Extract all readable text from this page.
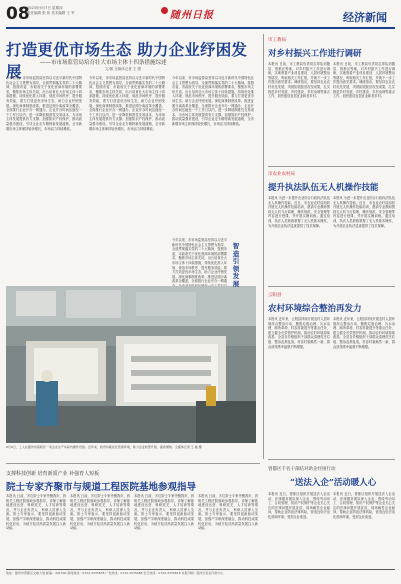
08
2023年9月7日 星期四
责任编辑 张 伟 美术编辑 王 军	随州日报	经济新闻
打造更优市场生态 助力企业纾困发展	——市市场监管局培育壮大市场主体十四条措施综述
文/图 全媒体记者 王 骏
今年以来，市市场监管局坚持以习近平新时代中国特色社会主义思想为指导，全面贯彻落实党的二十大精神，按照市委、市政府关于优化营商环境的部署要求，聚焦市场主体关切，出台培育壮大市场主体十四条措施，持续优化准入环境、规范市场秩序、提升服务效能，着力打造更优市场生态，助力企业纾困发展。深化商事制度改革，推进证照分离改革全覆盖，全面推行企业开办一网通办，企业开办时间压缩至一个工作日以内，进一步降低制度性交易成本，为市场主体发展提供有力支撑。加强知识产权保护，推动质量强市建设，引导企业走专精特新发展道路，全市新增市场主体保持较快增长，市场活力持续释放。
今年以来，市市场监管局坚持以习近平新时代中国特色社会主义思想为指导，全面贯彻落实党的二十大精神，按照市委、市政府关于优化营商环境的部署要求，聚焦市场主体关切，出台培育壮大市场主体十四条措施，持续优化准入环境、规范市场秩序、提升服务效能，着力打造更优市场生态，助力企业纾困发展。深化商事制度改革，推进证照分离改革全覆盖，全面推行企业开办一网通办，企业开办时间压缩至一个工作日以内，进一步降低制度性交易成本，为市场主体发展提供有力支撑。加强知识产权保护，推动质量强市建设，引导企业走专精特新发展道路，全市新增市场主体保持较快增长，市场活力持续释放。
今年以来，市市场监管局坚持以习近平新时代中国特色社会主义思想为指导，全面贯彻落实党的二十大精神，按照市委、市政府关于优化营商环境的部署要求，聚焦市场主体关切，出台培育壮大市场主体十四条措施，持续优化准入环境、规范市场秩序、提升服务效能，着力打造更优市场生态，助力企业纾困发展。深化商事制度改革，推进证照分离改革全覆盖，全面推行企业开办一网通办，企业开办时间压缩至一个工作日以内，进一步降低制度性交易成本，为市场主体发展提供有力支撑。加强知识产权保护，推动质量强市建设，引导企业走专精特新发展道路，全市新增市场主体保持较快增长，市场活力持续释放。
今年以来，市市场监管局坚持以习近平新时代中国特色社会主义思想为指导，全面贯彻落实党的二十大精神，按照市委、市政府关于优化营商环境的部署要求，聚焦市场主体关切，出台培育壮大市场主体十四条措施，持续优化准入环境、规范市场秩序、提升服务效能，着力打造更优市场生态，助力企业纾困发展。深化商事制度改革，推进证照分离改革全覆盖，全面推行企业开办一网通
智造引领发展
9月6日，工人在随州市高新区一家企业生产车间内操作设备。近年来，我市持续优化营商环境，助力企业转型升级、提质增效。全媒体记者 王 骏 摄
市工教局
对乡村振兴工作进行调研
本报讯 日前，市工教局负责同志带队到随县、曾都区等地，对乡村振兴工作进行调研，实地察看产业项目建设、人居环境整治等情况，听取相关工作汇报，并就下一步工作提出意见要求。调研指出，要坚持农业农村优先发展，巩固拓展脱贫攻坚成果，扎实推进乡村发展、乡村建设、乡村治理等重点工作，加快建设宜居宜业和美乡村。
本报讯 日前，市工教局负责同志带队到随县、曾都区等地，对乡村振兴工作进行调研，实地察看产业项目建设、人居环境整治等情况，听取相关工作汇报，并就下一步工作提出意见要求。调研指出，要坚持农业农村优先发展，巩固拓展脱贫攻坚成果，扎实推进乡村发展、乡村建设、乡村治理等重点工作，加快建设宜居宜业和美乡村。
市农业农村局
提升执法队伍无人机操作技能
本报讯 为进一步提升农业综合行政执法队伍无人机操作技能，近日，市农业农村局组织开展无人机操作技能培训，邀请专业教师围绕无人机飞行原理、操作规范、安全管理等内容进行授课，并开展实操训练。通过培训，执法人员熟练掌握了无人机基本操作，为开展农业执法巡查提供了技术保障。
本报讯 为进一步提升农业综合行政执法队伍无人机操作技能，近日，市农业农村局组织开展无人机操作技能培训，邀请专业教师围绕无人机飞行原理、操作规范、安全管理等内容进行授课，并开展实操训练。通过培训，执法人员熟练掌握了无人机基本操作，为开展农业执法巡查提供了技术保障。
云阳县
农村环境综合整治再发力
本报讯 近年来，云阳县持续开展农村人居环境综合整治行动，聚焦垃圾治理、污水治理、厕所革命、村容村貌提升等重点任务，建立健全长效管护机制，推动农村环境持续改善。全县各乡镇组织干部群众清理村庄垃圾、整治乱堆乱放，村容村貌焕然一新，群众获得感幸福感不断增强。
本报讯 近年来，云阳县持续开展农村人居环境综合整治行动，聚焦垃圾治理、污水治理、厕所革命、村容村貌提升等重点任务，建立健全长效管护机制，推动农村环境持续改善。全县各乡镇组织干部群众清理村庄垃圾、整治乱堆乱放，村容村貌焕然一新，群众获得感幸福感不断增强。
曾都区千名干部结对助企纾困行动
“送法入企”活动暖人心
本报讯 近日，曾都区组织开展送法入企活动，法律服务团队深入企业，围绕劳动用工、合同管理、知识产权保护等企业关心关注的法律问题开展宣讲，现场解答企业疑问，帮助企业防范法律风险，营造良好法治化营商环境，受到企业欢迎。
本报讯 近日，曾都区组织开展送法入企活动，法律服务团队深入企业，围绕劳动用工、合同管理、知识产权保护等企业关心关注的法律问题开展宣讲，现场解答企业疑问，帮助企业防范法律风险，营造良好法治化营商环境，受到企业欢迎。
支撑科技创新 培育新质产业 补强育人短板
院士专家齐聚市与规道工程医院基地参观指导
本报讯 日前，多位院士专家齐聚我市，到相关工程医院基地参观指导，详细了解基地建设运营、科研攻关、人才培养等情况，并与企业负责人、科研人员深入交流。院士专家表示，要坚持创新驱动发展，加强产学研深度融合，推动科技成果转化应用，为地方经济高质量发展注入新动能。
本报讯 日前，多位院士专家齐聚我市，到相关工程医院基地参观指导，详细了解基地建设运营、科研攻关、人才培养等情况，并与企业负责人、科研人员深入交流。院士专家表示，要坚持创新驱动发展，加强产学研深度融合，推动科技成果转化应用，为地方经济高质量发展注入新动能。
本报讯 日前，多位院士专家齐聚我市，到相关工程医院基地参观指导，详细了解基地建设运营、科研攻关、人才培养等情况，并与企业负责人、科研人员深入交流。院士专家表示，要坚持创新驱动发展，加强产学研深度融合，推动科技成果转化应用，为地方经济高质量发展注入新动能。
本报讯 日前，多位院士专家齐聚我市，到相关工程医院基地参观指导，详细了解基地建设运营、科研攻关、人才培养等情况，并与企业负责人、科研人员深入交流。院士专家表示，要坚持创新驱动发展，加强产学研深度融合，推动科技成果转化应用，为地方经济高质量发展注入新动能。
地址：随州市曾都区文峰大道 邮编：441300 新闻热线：0722-3335678 广告热线：0722-3335988 发行热线：0722-3335818 本报印刷：随州日报社印务中心
